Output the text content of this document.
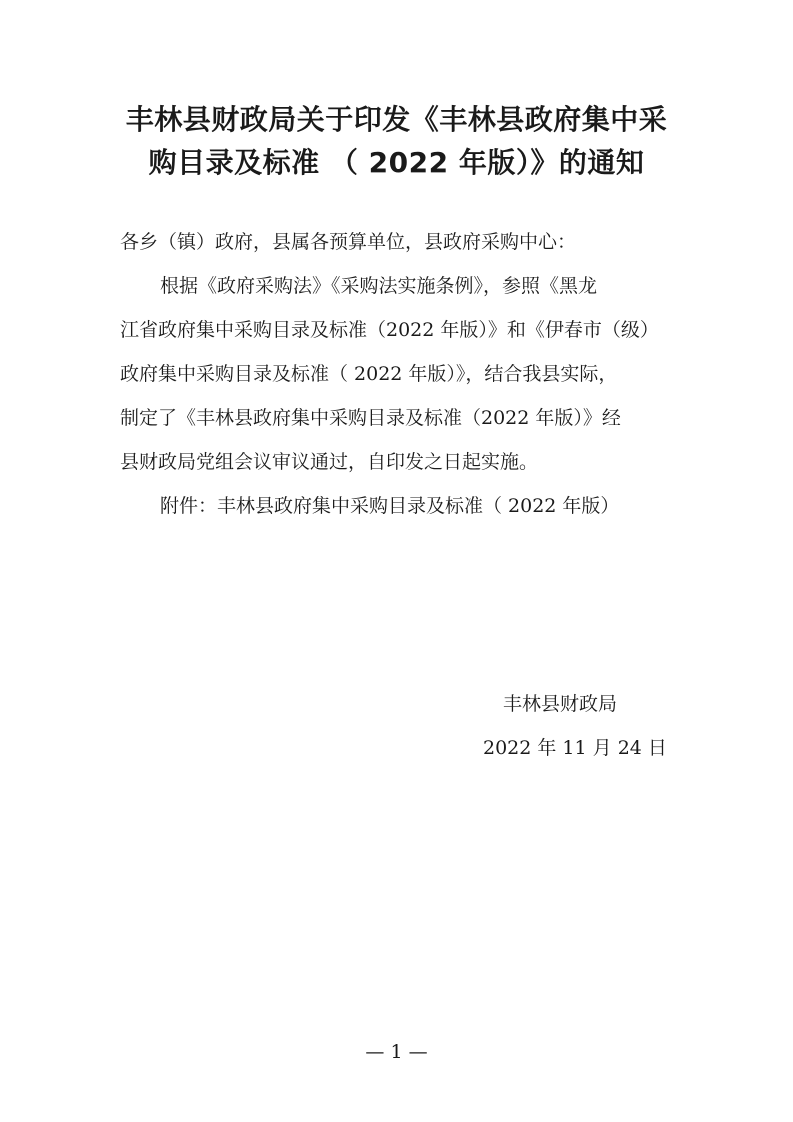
丰林县财政局关于印发《丰林县政府集中采
购目录及标准 （ 2022 年版）》的通知

各乡（镇）政府，县属各预算单位，县政府采购中心：

根据《政府采购法》《采购法实施条例》，参照《黑龙

江省政府集中采购目录及标准（2022 年版）》和《伊春市（级）

政府集中采购目录及标准（ 2022 年版）》，结合我县实际，

制定了《丰林县政府集中采购目录及标准（2022 年版）》经

县财政局党组会议审议通过，自印发之日起实施。

附件：丰林县政府集中采购目录及标准（ 2022 年版）

丰林县财政局

2022 年 11 月 24 日

— 1 —
